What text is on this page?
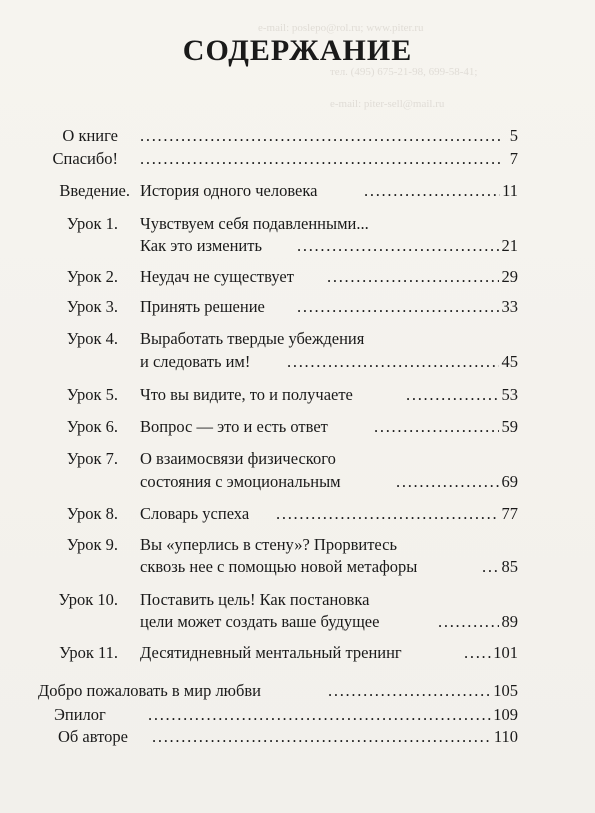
e-mail: poslepo@rol.ru; www.piter.ru
тел. (495) 675-21-98, 699-58-41;
e-mail: piter-sell@mail.ru
СОДЕРЖАНИЕ
О книге . . .	5
Спасибо! . . .	7
Введение. История одного человека . . .	11
Урок 1. Чувствуем себя подавленными...
Как это изменить . . .	21
Урок 2. Неудач не существует . . .	29
Урок 3. Принять решение . . .	33
Урок 4. Выработать твердые убеждения
и следовать им! . . .	45
Урок 5. Что вы видите, то и получаете . . .	53
Урок 6. Вопрос — это и есть ответ . . .	59
Урок 7. О взаимосвязи физического
состояния с эмоциональным . . .	69
Урок 8. Словарь успеха . . .	77
Урок 9. Вы «уперлись в стену»? Прорвитесь
сквозь нее с помощью новой метафоры . . .	85
Урок 10. Поставить цель! Как постановка
цели может создать ваше будущее . . .	89
Урок 11. Десятидневный ментальный тренинг . . .	101
Добро пожаловать в мир любви . . .	105
Эпилог . . .	109
Об авторе . . .	110
